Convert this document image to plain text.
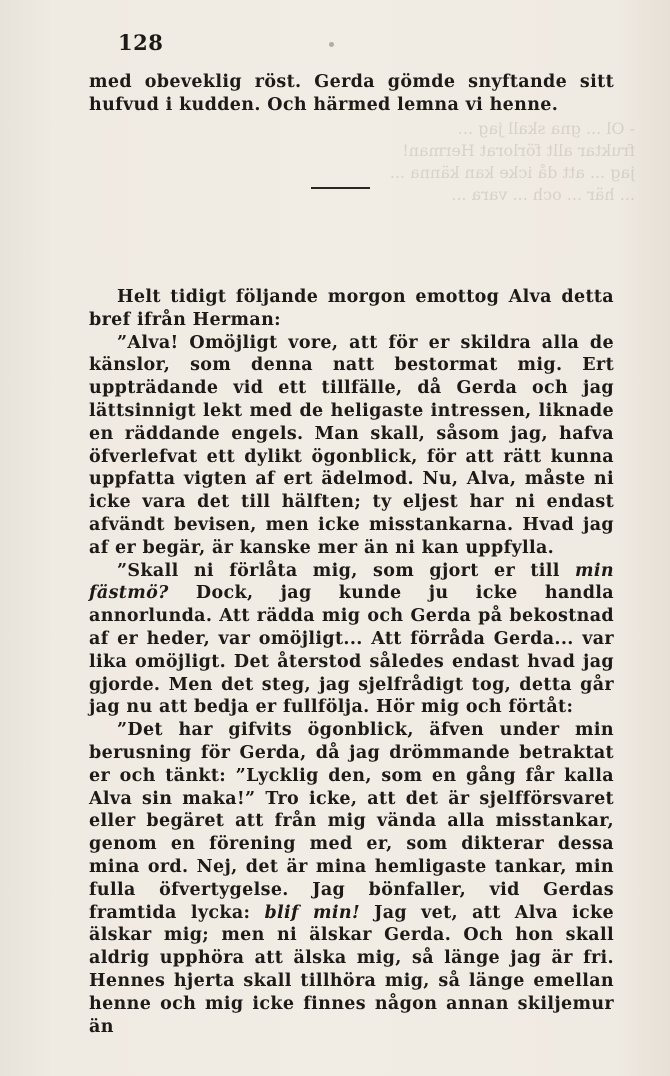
- Ol ... gna skall jag ...
fruktar allt förlorat Herman!
jag ... att då icke kan känna ...
... här ... och ... vara ...
128

med obeveklig röst. Gerda gömde snyftande sitt hufvud i kudden. Och härmed lemna vi henne.

Helt tidigt följande morgon emottog Alva detta bref ifrån Herman:

”Alva! Omöjligt vore, att för er skildra alla de känslor, som denna natt bestormat mig. Ert uppträdande vid ett tillfälle, då Gerda och jag lättsinnigt lekt med de heligaste intressen, liknade en räddande engels. Man skall, såsom jag, hafva öfverlefvat ett dylikt ögonblick, för att rätt kunna uppfatta vigten af ert ädelmod. Nu, Alva, måste ni icke vara det till hälften; ty eljest har ni endast afvändt bevisen, men icke misstankarna. Hvad jag af er begär, är kanske mer än ni kan uppfylla.

”Skall ni förlåta mig, som gjort er till min fästmö? Dock, jag kunde ju icke handla annorlunda. Att rädda mig och Gerda på bekostnad af er heder, var omöjligt... Att förråda Gerda... var lika omöjligt. Det återstod således endast hvad jag gjorde. Men det steg, jag sjelfrådigt tog, detta går jag nu att bedja er fullfölja. Hör mig och förtåt:

”Det har gifvits ögonblick, äfven under min berusning för Gerda, då jag drömmande betraktat er och tänkt: ”Lycklig den, som en gång får kalla Alva sin maka!” Tro icke, att det är sjelfförsvaret eller begäret att från mig vända alla misstankar, genom en förening med er, som dikterar dessa mina ord. Nej, det är mina hemligaste tankar, min fulla öfvertygelse. Jag bönfaller, vid Gerdas framtida lycka: blif min! Jag vet, att Alva icke älskar mig; men ni älskar Gerda. Och hon skall aldrig upphöra att älska mig, så länge jag är fri. Hennes hjerta skall tillhöra mig, så länge emellan henne och mig icke finnes någon annan skiljemur än
